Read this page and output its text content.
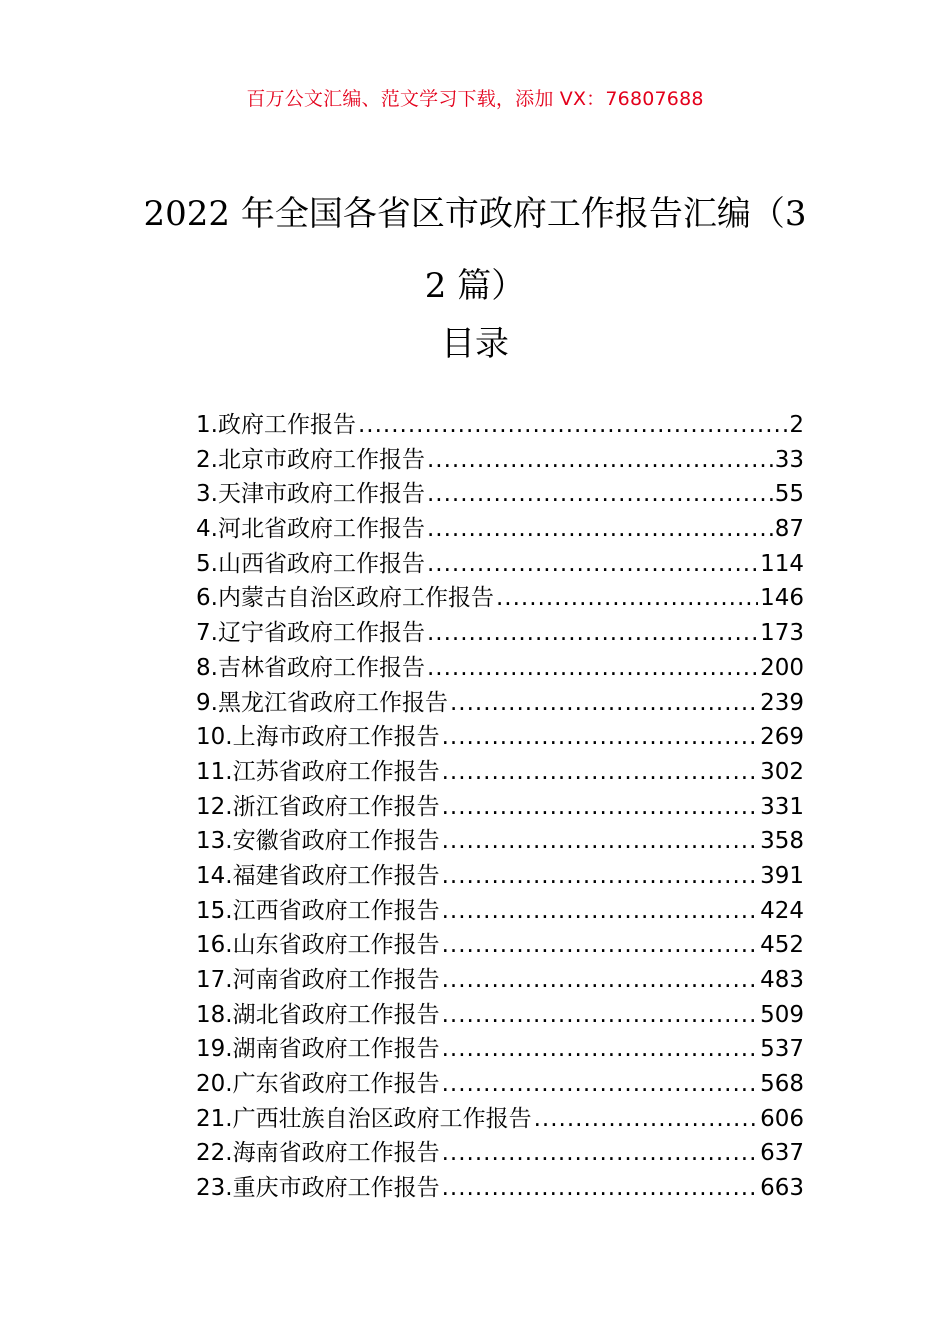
百万公文汇编、范文学习下载，添加 VX：76807688
2022 年全国各省区市政府工作报告汇编（32 篇）
目录
1.政府工作报告 .....	2
2.北京市政府工作报告 .....	33
3.天津市政府工作报告 .....	55
4.河北省政府工作报告 .....	87
5.山西省政府工作报告 .....	114
6.内蒙古自治区政府工作报告 .....	146
7.辽宁省政府工作报告 .....	173
8.吉林省政府工作报告 .....	200
9.黑龙江省政府工作报告 .....	239
10.上海市政府工作报告 .....	269
11.江苏省政府工作报告 .....	302
12.浙江省政府工作报告 .....	331
13.安徽省政府工作报告 .....	358
14.福建省政府工作报告 .....	391
15.江西省政府工作报告 .....	424
16.山东省政府工作报告 .....	452
17.河南省政府工作报告 .....	483
18.湖北省政府工作报告 .....	509
19.湖南省政府工作报告 .....	537
20.广东省政府工作报告 .....	568
21.广西壮族自治区政府工作报告 .....	606
22.海南省政府工作报告 .....	637
23.重庆市政府工作报告 .....	663
